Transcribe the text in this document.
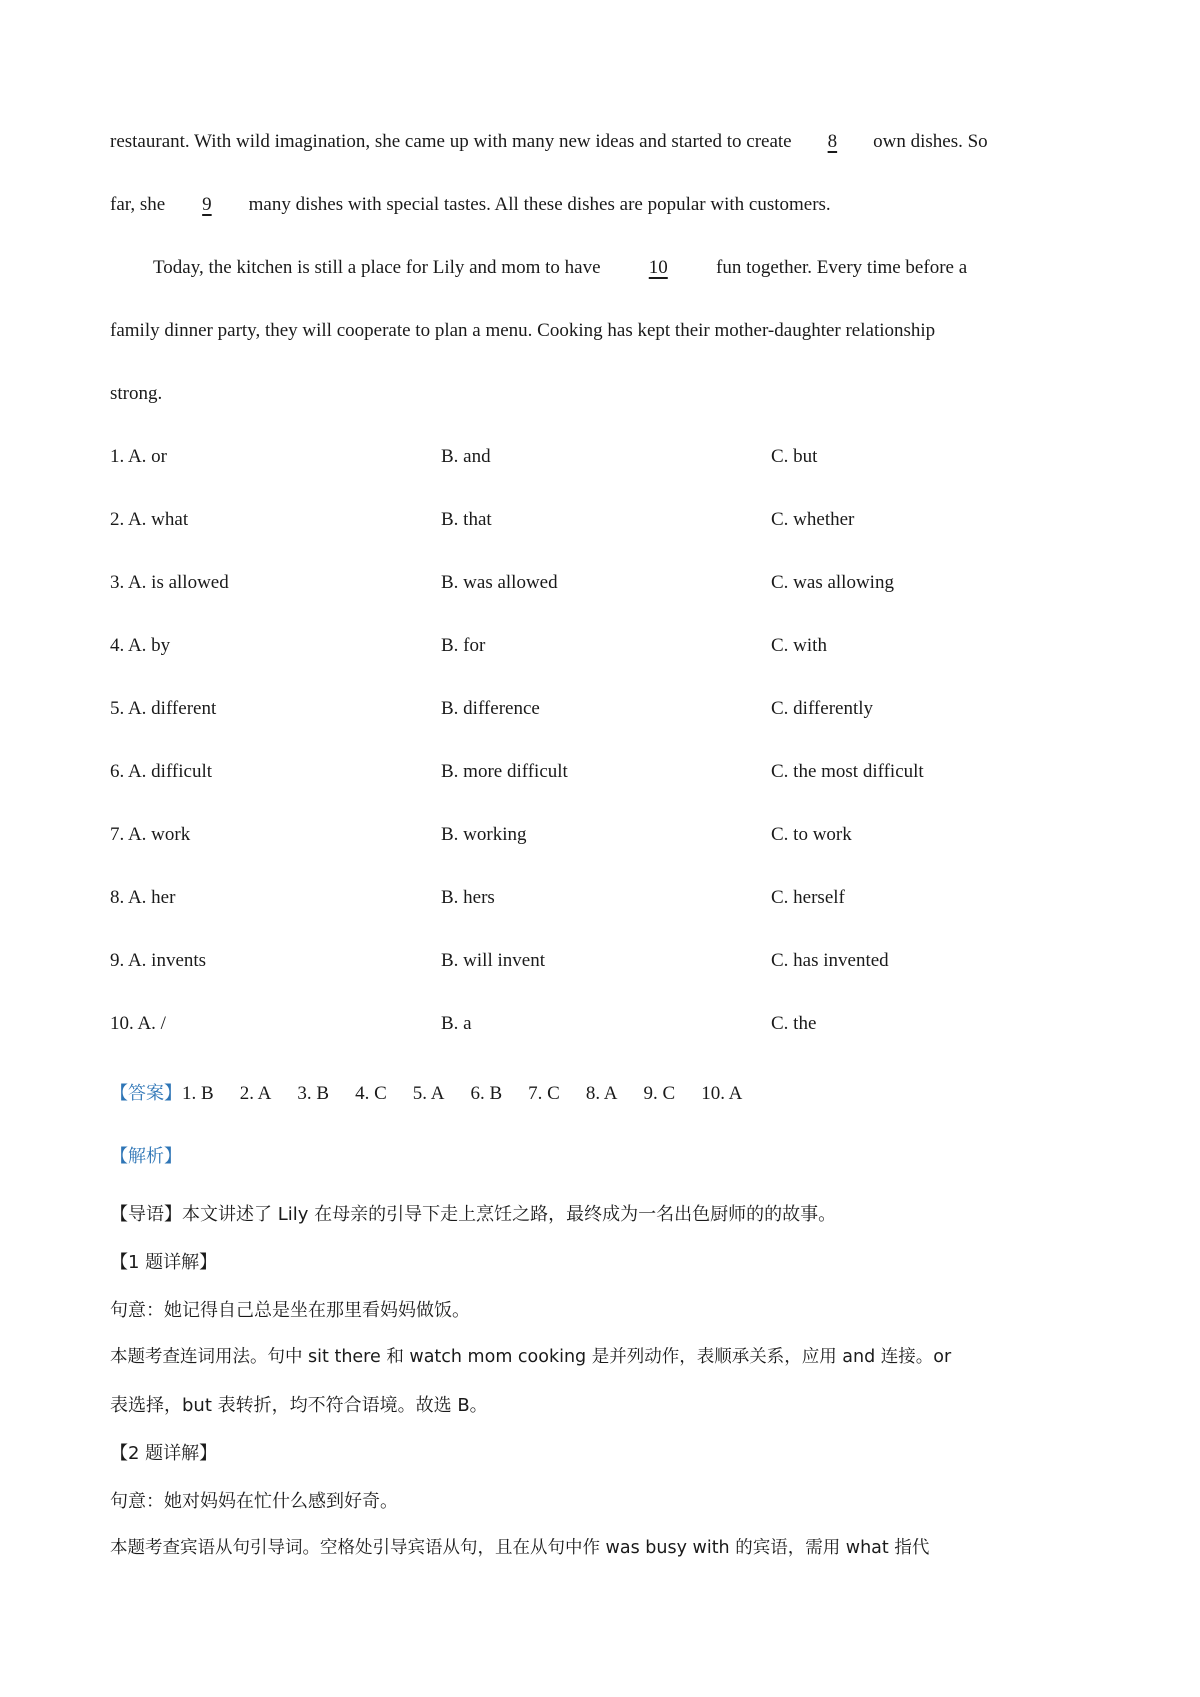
restaurant. With wild imagination, she came up with many new ideas and started to create 8 own dishes. So
far, she 9 many dishes with special tastes. All these dishes are popular with customers.
Today, the kitchen is still a place for Lily and mom to have 10 fun together. Every time before a
family dinner party, they will cooperate to plan a menu. Cooking has kept their mother-daughter relationship
strong.
1. A. or	B. and	C. but
2. A. what	B. that	C. whether
3. A. is allowed	B. was allowed	C. was allowing
4. A. by	B. for	C. with
5. A. different	B. difference	C. differently
6. A. difficult	B. more difficult	C. the most difficult
7. A. work	B. working	C. to work
8. A. her	B. hers	C. herself
9. A. invents	B. will invent	C. has invented
10. A. /	B. a	C. the
【答案】1. B 2. A 3. B 4. C 5. A 6. B 7. C 8. A 9. C 10. A
【解析】
【导语】本文讲述了 Lily 在母亲的引导下走上烹饪之路，最终成为一名出色厨师的的故事。
【1 题详解】
句意：她记得自己总是坐在那里看妈妈做饭。
本题考查连词用法。句中 sit there 和 watch mom cooking 是并列动作，表顺承关系，应用 and 连接。or
表选择，but 表转折，均不符合语境。故选 B。
【2 题详解】
句意：她对妈妈在忙什么感到好奇。
本题考查宾语从句引导词。空格处引导宾语从句，且在从句中作 was busy with 的宾语，需用 what 指代
